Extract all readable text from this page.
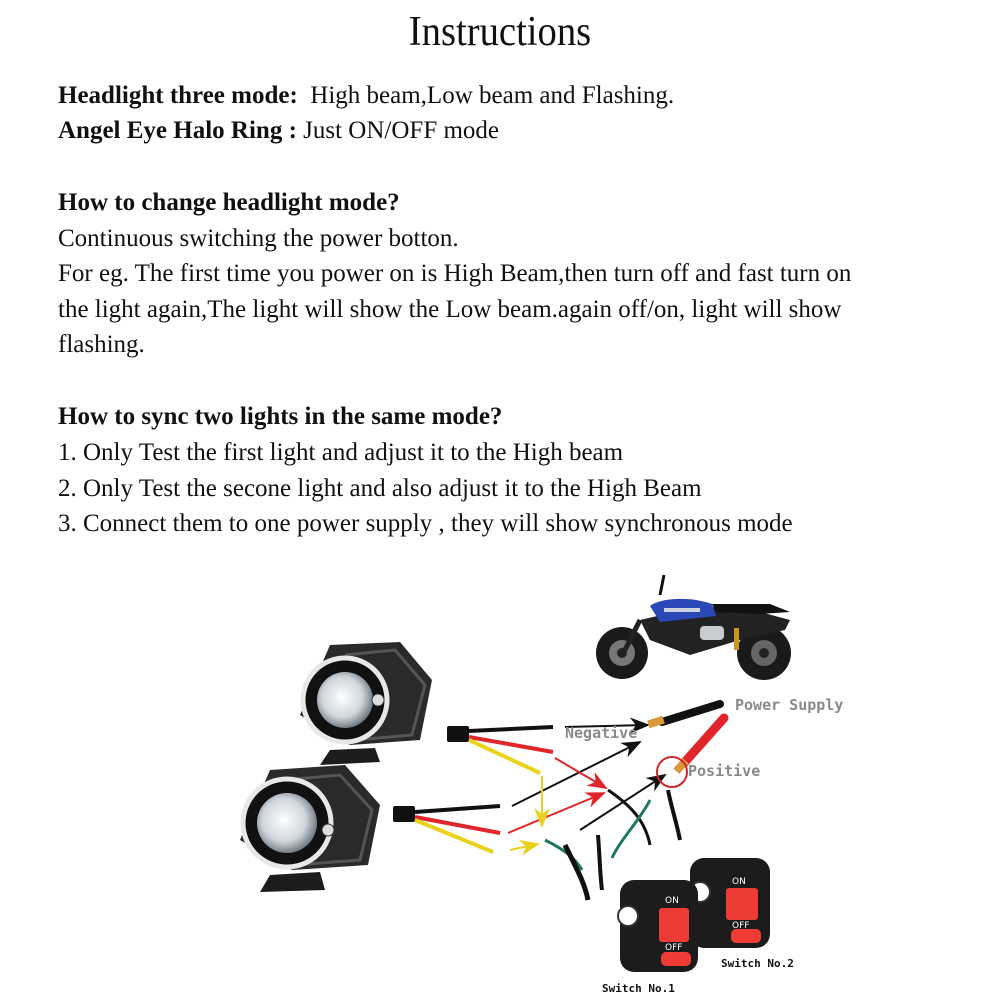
Instructions
Headlight three mode: High beam,Low beam and Flashing.
Angel Eye Halo Ring : Just ON/OFF mode
How to change headlight mode?
Continuous switching the power botton.
For eg. The first time you power on is High Beam,then turn off and fast turn on
the light again,The light will show the Low beam.again off/on, light will show
flashing.
How to sync two lights in the same mode?
1. Only Test the first light and adjust it to the High beam
2. Only Test the secone light and also adjust it to the High Beam
3. Connect them to one power supply , they will show synchronous mode
ON
OFF
ON
OFF
Power Supply
Negative
Positive
Switch No.2
Switch No.1
